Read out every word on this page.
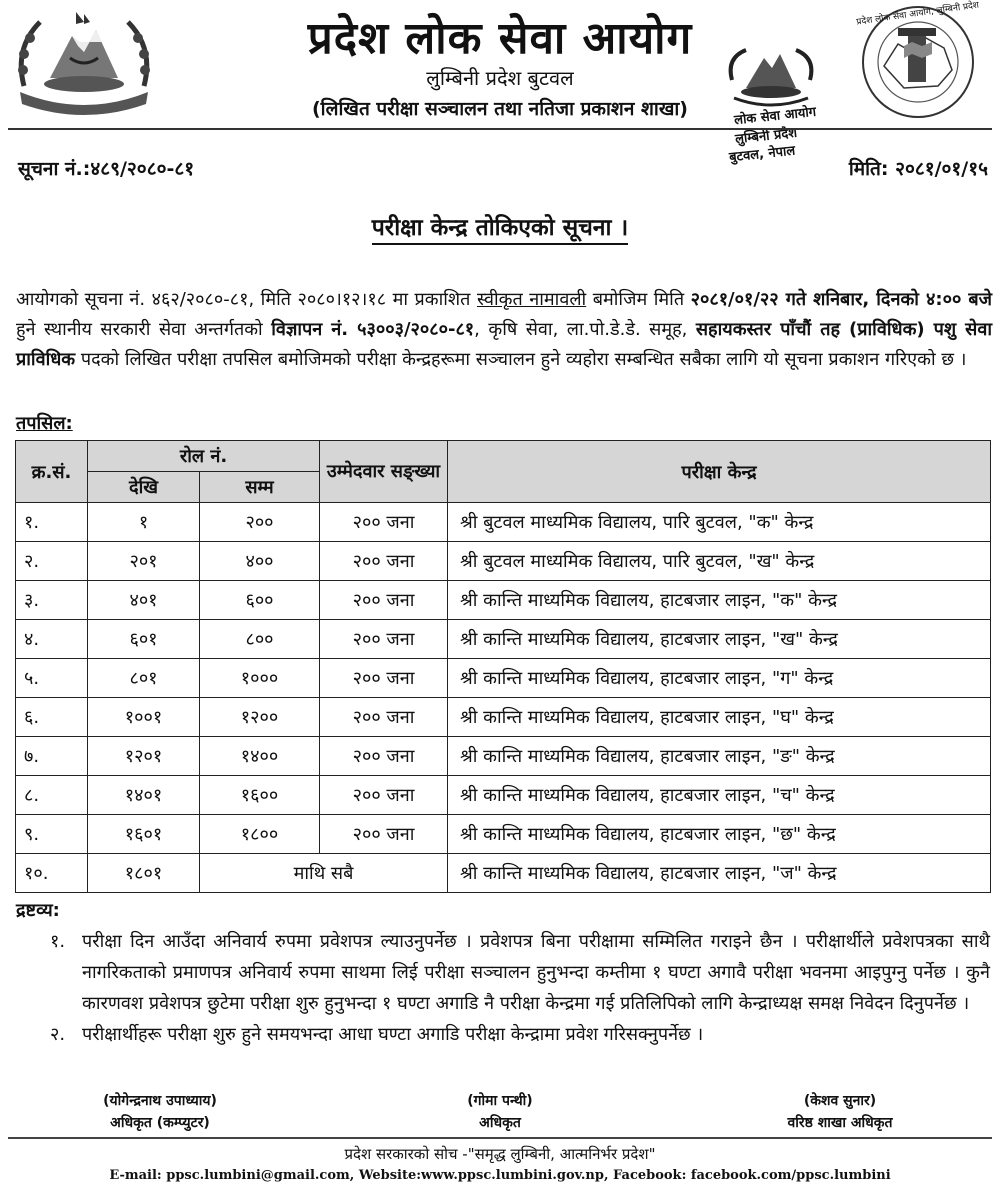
प्रदेश लोक सेवा आयोग, लुम्बिनी प्रदेश
प्रदेश लोक सेवा आयोग
लुम्बिनी प्रदेश बुटवल
(लिखित परीक्षा सञ्चालन तथा नतिजा प्रकाशन शाखा)	लोक सेवा आयोग
लुम्बिनी प्रदेश
बुटवल, नेपाल
सूचना नं.:४८९/२०८०-८१	मिति: २०८१/०१/१५
परीक्षा केन्द्र तोकिएको सूचना ।
आयोगको सूचना नं. ४६२/२०८०-८१, मिति २०८०।१२।१८ मा प्रकाशित स्वीकृत नामावली बमोजिम मिति २०८१/०१/२२ गते शनिबार, दिनको ४:०० बजे हुने स्थानीय सरकारी सेवा अन्तर्गतको विज्ञापन नं. ५३००३/२०८०-८१, कृषि सेवा, ला.पो.डे.डे. समूह, सहायकस्तर पाँचौं तह (प्राविधिक) पशु सेवा प्राविधिक पदको लिखित परीक्षा तपसिल बमोजिमको परीक्षा केन्द्रहरूमा सञ्चालन हुने व्यहोरा सम्बन्धित सबैका लागि यो सूचना प्रकाशन गरिएको छ ।
तपसिल:
क्र.सं.	रोल नं.		उम्मेदवार सङ्ख्या	परीक्षा केन्द्र
	देखि	सम्म		
१.	१	२००	२०० जना	श्री बुटवल माध्यमिक विद्यालय, पारि बुटवल, "क" केन्द्र
२.	२०१	४००	२०० जना	श्री बुटवल माध्यमिक विद्यालय, पारि बुटवल, "ख" केन्द्र
३.	४०१	६००	२०० जना	श्री कान्ति माध्यमिक विद्यालय, हाटबजार लाइन, "क" केन्द्र
४.	६०१	८००	२०० जना	श्री कान्ति माध्यमिक विद्यालय, हाटबजार लाइन, "ख" केन्द्र
५.	८०१	१०००	२०० जना	श्री कान्ति माध्यमिक विद्यालय, हाटबजार लाइन, "ग" केन्द्र
६.	१००१	१२००	२०० जना	श्री कान्ति माध्यमिक विद्यालय, हाटबजार लाइन, "घ" केन्द्र
७.	१२०१	१४००	२०० जना	श्री कान्ति माध्यमिक विद्यालय, हाटबजार लाइन, "ङ" केन्द्र
८.	१४०१	१६००	२०० जना	श्री कान्ति माध्यमिक विद्यालय, हाटबजार लाइन, "च" केन्द्र
९.	१६०१	१८००	२०० जना	श्री कान्ति माध्यमिक विद्यालय, हाटबजार लाइन, "छ" केन्द्र
१०.	१८०१	माथि सबै		श्री कान्ति माध्यमिक विद्यालय, हाटबजार लाइन, "ज" केन्द्र
द्रष्टव्य:
१. परीक्षा दिन आउँदा अनिवार्य रुपमा प्रवेशपत्र ल्याउनुपर्नेछ । प्रवेशपत्र बिना परीक्षामा सम्मिलित गराइने छैन । परीक्षार्थीले प्रवेशपत्रका साथै नागरिकताको प्रमाणपत्र अनिवार्य रुपमा साथमा लिई परीक्षा सञ्चालन हुनुभन्दा कम्तीमा १ घण्टा अगावै परीक्षा भवनमा आइपुग्नु पर्नेछ । कुनै कारणवश प्रवेशपत्र छुटेमा परीक्षा शुरु हुनुभन्दा १ घण्टा अगाडि नै परीक्षा केन्द्रमा गई प्रतिलिपिको लागि केन्द्राध्यक्ष समक्ष निवेदन दिनुपर्नेछ ।
२. परीक्षार्थीहरू परीक्षा शुरु हुने समयभन्दा आधा घण्टा अगाडि परीक्षा केन्द्रामा प्रवेश गरिसक्नुपर्नेछ ।
(योगेन्द्रनाथ उपाध्याय)
अधिकृत (कम्प्युटर)
(गोमा पन्थी)
अधिकृत
(केशव सुनार)
वरिष्ठ शाखा अधिकृत
प्रदेश सरकारको सोच -"समृद्ध लुम्बिनी, आत्मनिर्भर प्रदेश"
E-mail: ppsc.lumbini@gmail.com, Website:www.ppsc.lumbini.gov.np, Facebook: facebook.com/ppsc.lumbini
